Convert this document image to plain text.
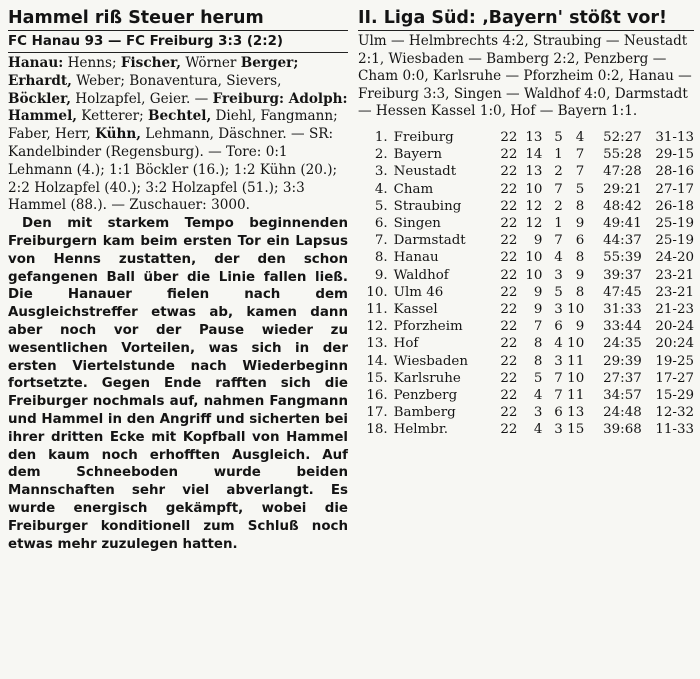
Hammel riß Steuer herum
FC Hanau 93 — FC Freiburg 3:3 (2:2)

Hanau: Henns; Fischer, Wörner Berger; Erhardt, Weber; Bonaventura, Sievers, Böckler, Holzapfel, Geier. — Freiburg: Adolph: Hammel, Ketterer; Bechtel, Diehl, Fangmann; Faber, Herr, Kühn, Lehmann, Däschner. — SR: Kandelbinder (Regensburg). — Tore: 0:1 Lehmann (4.); 1:1 Böckler (16.); 1:2 Kühn (20.); 2:2 Holzapfel (40.); 3:2 Holzapfel (51.); 3:3 Hammel (88.). — Zuschauer: 3000.

Den mit starkem Tempo beginnenden Freiburgern kam beim ersten Tor ein Lapsus von Henns zustatten, der den schon gefangenen Ball über die Linie fallen ließ. Die Hanauer fielen nach dem Ausgleichstreffer etwas ab, kamen dann aber noch vor der Pause wieder zu wesentlichen Vorteilen, was sich in der ersten Viertelstunde nach Wiederbeginn fortsetzte. Gegen Ende rafften sich die Freiburger nochmals auf, nahmen Fangmann und Hammel in den Angriff und sicherten bei ihrer dritten Ecke mit Kopfball von Hammel den kaum noch erhofften Ausgleich. Auf dem Schneeboden wurde beiden Mannschaften sehr viel abverlangt. Es wurde energisch gekämpft, wobei die Freiburger konditionell zum Schluß noch etwas mehr zuzulegen hatten.

II. Liga Süd: ‚Bayern' stößt vor!

Ulm — Helmbrechts 4:2, Straubing — Neustadt 2:1, Wiesbaden — Bamberg 2:2, Penzberg — Cham 0:0, Karlsruhe — Pforzheim 0:2, Hanau — Freiburg 3:3, Singen — Waldhof 4:0, Darmstadt — Hessen Kassel 1:0, Hof — Bayern 1:1.

1.	Freiburg	22	13	5	4	52:27	31-13
2.	Bayern	22	14	1	7	55:28	29-15
3.	Neustadt	22	13	2	7	47:28	28-16
4.	Cham	22	10	7	5	29:21	27-17
5.	Straubing	22	12	2	8	48:42	26-18
6.	Singen	22	12	1	9	49:41	25-19
7.	Darmstadt	22	9	7	6	44:37	25-19
8.	Hanau	22	10	4	8	55:39	24-20
9.	Waldhof	22	10	3	9	39:37	23-21
10.	Ulm 46	22	9	5	8	47:45	23-21
11.	Kassel	22	9	3	10	31:33	21-23
12.	Pforzheim	22	7	6	9	33:44	20-24
13.	Hof	22	8	4	10	24:35	20:24
14.	Wiesbaden	22	8	3	11	29:39	19-25
15.	Karlsruhe	22	5	7	10	27:37	17-27
16.	Penzberg	22	4	7	11	34:57	15-29
17.	Bamberg	22	3	6	13	24:48	12-32
18.	Helmbr.	22	4	3	15	39:68	11-33
